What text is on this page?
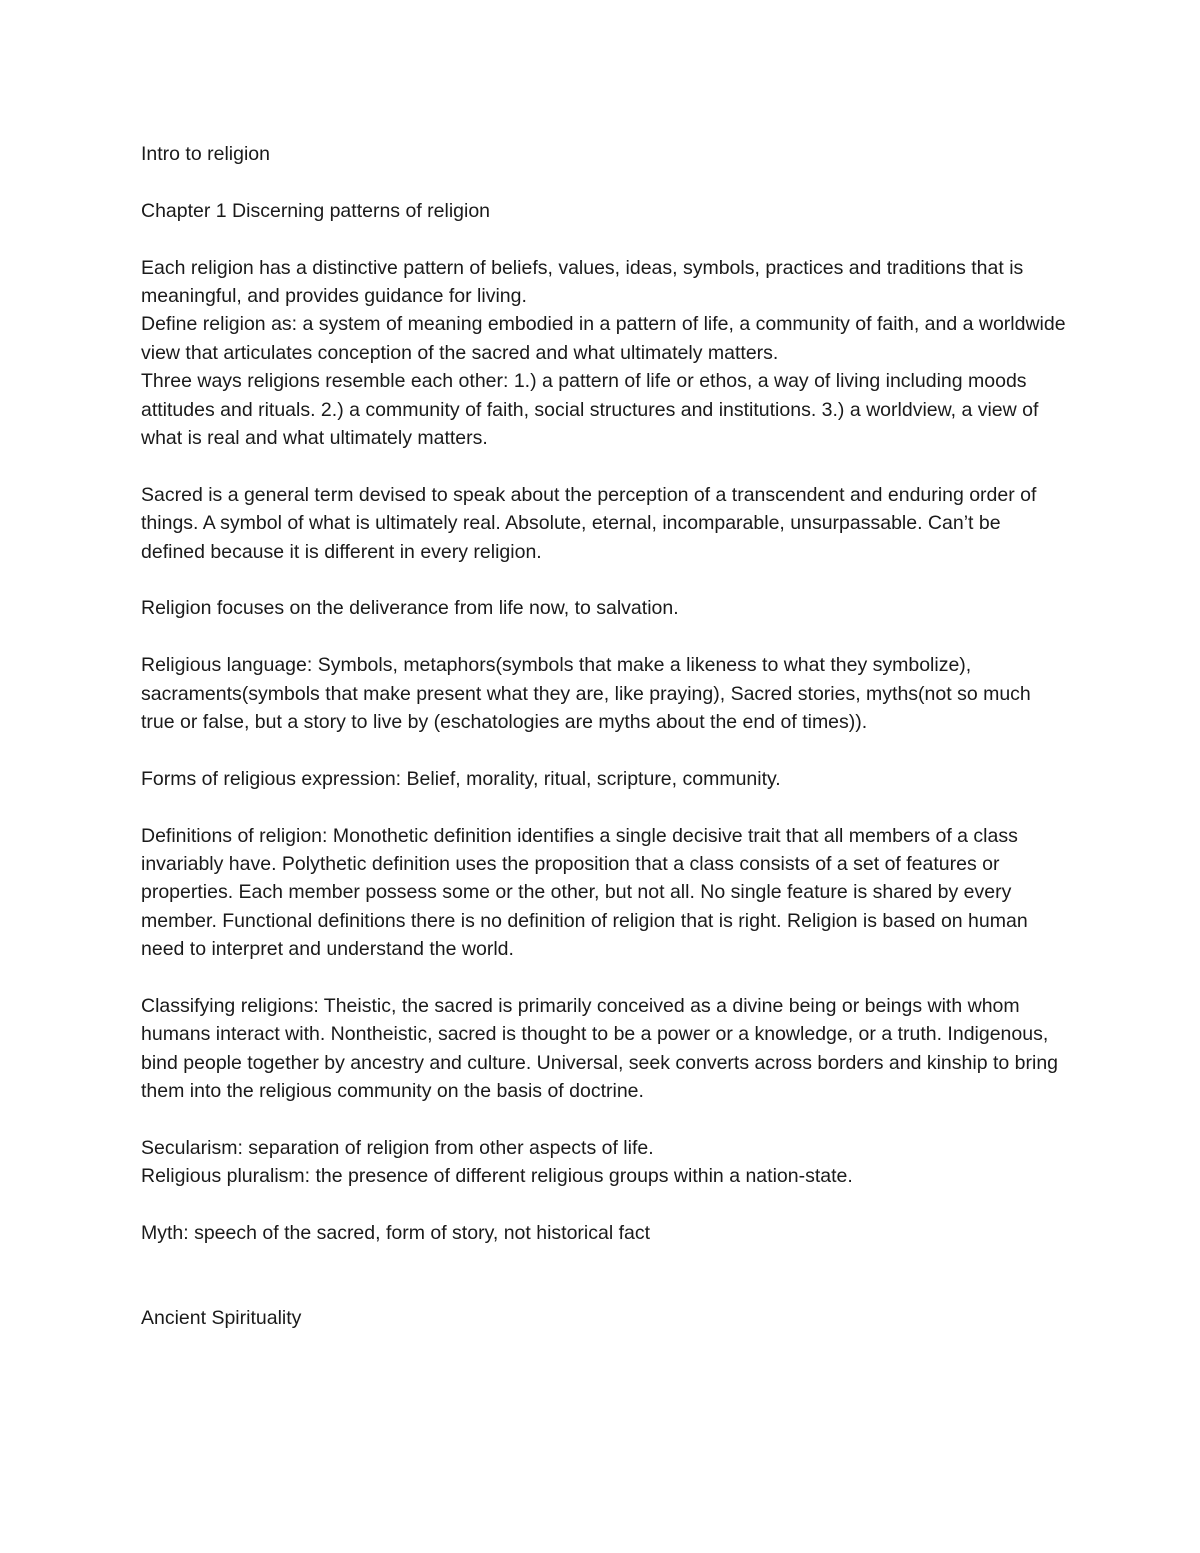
Intro to religion

Chapter 1 Discerning patterns of religion

Each religion has a distinctive pattern of beliefs, values, ideas, symbols, practices and traditions that is meaningful, and provides guidance for living.

Define religion as: a system of meaning embodied in a pattern of life, a community of faith, and a worldwide view that articulates conception of the sacred and what ultimately matters.

Three ways religions resemble each other: 1.) a pattern of life or ethos, a way of living including moods attitudes and rituals. 2.) a community of faith, social structures and institutions. 3.) a worldview, a view of what is real and what ultimately matters.

Sacred is a general term devised to speak about the perception of a transcendent and enduring order of things. A symbol of what is ultimately real. Absolute, eternal, incomparable, unsurpassable. Can’t be defined because it is different in every religion.

Religion focuses on the deliverance from life now, to salvation.

Religious language: Symbols, metaphors(symbols that make a likeness to what they symbolize), sacraments(symbols that make present what they are, like praying), Sacred stories, myths(not so much true or false, but a story to live by (eschatologies are myths about the end of times)).

Forms of religious expression: Belief, morality, ritual, scripture, community.

Definitions of religion: Monothetic definition identifies a single decisive trait that all members of a class invariably have. Polythetic definition uses the proposition that a class consists of a set of features or properties. Each member possess some or the other, but not all. No single feature is shared by every member. Functional definitions there is no definition of religion that is right. Religion is based on human need to interpret and understand the world.

Classifying religions: Theistic, the sacred is primarily conceived as a divine being or beings with whom humans interact with. Nontheistic, sacred is thought to be a power or a knowledge, or a truth. Indigenous, bind people together by ancestry and culture. Universal, seek converts across borders and kinship to bring them into the religious community on the basis of doctrine.

Secularism: separation of religion from other aspects of life.

Religious pluralism: the presence of different religious groups within a nation-state.

Myth: speech of the sacred, form of story, not historical fact

Ancient Spirituality
